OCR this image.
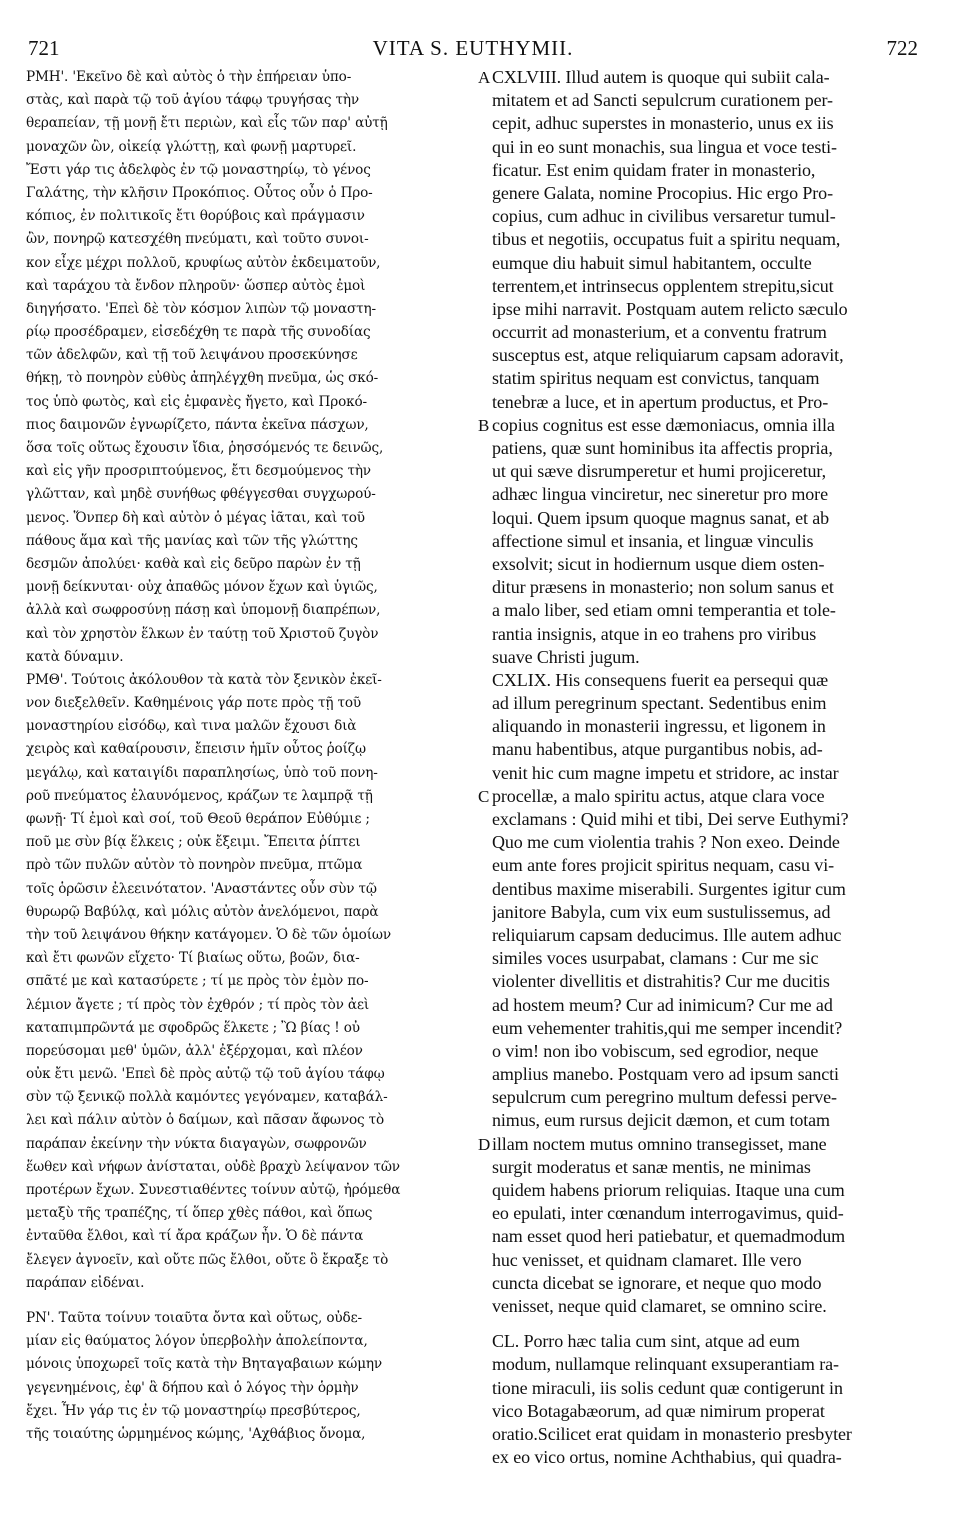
721	VITA S. EUTHYMII.	722
ΡΜΗ'. 'Εκεῖνο δὲ καὶ αὐτὸς ὁ τὴν ἐπήρειαν ὑπο-
στὰς, καὶ παρὰ τῷ τοῦ ἁγίου τάφῳ τρυγήσας τὴν
θεραπείαν, τῇ μονῇ ἔτι περιὼν, καὶ εἷς τῶν παρ' αὐτῇ
μοναχῶν ὢν, οἰκείᾳ γλώττῃ, καὶ φωνῇ μαρτυρεῖ.
Ἔστι γάρ τις ἀδελφὸς ἐν τῷ μοναστηρίῳ, τὸ γένος
Γαλάτης, τὴν κλῆσιν Προκόπιος. Οὗτος οὖν ὁ Προ-
κόπιος, ἐν πολιτικοῖς ἔτι θορύβοις καὶ πράγμασιν
ὢν, πονηρῷ κατεσχέθη πνεύματι, καὶ τοῦτο συνοι-
κον εἶχε μέχρι πολλοῦ, κρυφίως αὐτὸν ἐκδειματοῦν,
καὶ ταράχου τὰ ἔνδον πληροῦν· ὥσπερ αὐτὸς ἐμοὶ
διηγήσατο. 'Επεὶ δὲ τὸν κόσμον λιπὼν τῷ μοναστη-
ρίῳ προσέδραμεν, εἰσεδέχθη τε παρὰ τῆς συνοδίας
τῶν ἀδελφῶν, καὶ τῇ τοῦ λειψάνου προσεκύνησε
θήκῃ, τὸ πονηρὸν εὐθὺς ἀπηλέγχθη πνεῦμα, ὡς σκό-
τος ὑπὸ φωτὸς, καὶ εἰς ἐμφανὲς ἤγετο, καὶ Προκό-
πιος δαιμονῶν ἐγνωρίζετο, πάντα ἐκεῖνα πάσχων,
ὅσα τοῖς οὕτως ἔχουσιν ἴδια, ῥησσόμενός τε δεινῶς,
καὶ εἰς γῆν προσριπτούμενος, ἔτι δεσμούμενος τὴν
γλῶτταν, καὶ μηδὲ συνήθως φθέγγεσθαι συγχωρού-
μενος. Ὅνπερ δὴ καὶ αὐτὸν ὁ μέγας ἰᾶται, καὶ τοῦ
πάθους ἅμα καὶ τῆς μανίας καὶ τῶν τῆς γλώττης
δεσμῶν ἀπολύει· καθὰ καὶ εἰς δεῦρο παρὼν ἐν τῇ
μονῇ δείκνυται· οὐχ ἀπαθῶς μόνον ἔχων καὶ ὑγιῶς,
ἀλλὰ καὶ σωφροσύνῃ πάσῃ καὶ ὑπομονῇ διαπρέπων,
καὶ τὸν χρηστὸν ἕλκων ἐν ταύτῃ τοῦ Χριστοῦ ζυγὸν
κατὰ δύναμιν.
ΡΜΘ'. Τούτοις ἀκόλουθον τὰ κατὰ τὸν ξενικὸν ἐκεῖ-
νον διεξελθεῖν. Καθημένοις γάρ ποτε πρὸς τῇ τοῦ
μοναστηρίου εἰσόδῳ, καὶ τινα μαλῶν ἔχουσι διὰ
χειρὸς καὶ καθαίρουσιν, ἔπεισιν ἡμῖν οὗτος ῥοίζῳ
μεγάλῳ, καὶ καταιγίδι παραπλησίως, ὑπὸ τοῦ πονη-
ροῦ πνεύματος ἐλαυνόμενος, κράζων τε λαμπρᾷ τῇ
φωνῇ· Τί ἐμοὶ καὶ σοί, τοῦ Θεοῦ θεράπον Εὐθύμιε ;
ποῦ με σὺν βίᾳ ἕλκεις ; οὐκ ἔξειμι. Ἔπειτα ῥίπτει
πρὸ τῶν πυλῶν αὐτὸν τὸ πονηρὸν πνεῦμα, πτῶμα
τοῖς ὁρῶσιν ἐλεεινότατον. 'Αναστάντες οὖν σὺν τῷ
θυρωρῷ Βαβύλᾳ, καὶ μόλις αὐτὸν ἀνελόμενοι, παρὰ
τὴν τοῦ λειψάνου θήκην κατάγομεν. Ὁ δὲ τῶν ὁμοίων
καὶ ἔτι φωνῶν εἴχετο· Τί βιαίως οὕτω, βοῶν, δια-
σπᾶτέ με καὶ κατασύρετε ; τί με πρὸς τὸν ἐμὸν πο-
λέμιον ἄγετε ; τί πρὸς τὸν ἐχθρόν ; τί πρὸς τὸν ἀεὶ
καταπιμπρῶντά με σφοδρῶς ἕλκετε ; Ὢ βίας ! οὐ
πορεύσομαι μεθ' ὑμῶν, ἀλλ' ἐξέρχομαι, καὶ πλέον
οὐκ ἔτι μενῶ. 'Επεὶ δὲ πρὸς αὐτῷ τῷ τοῦ ἁγίου τάφῳ
σὺν τῷ ξενικῷ πολλὰ καμόντες γεγόναμεν, καταβάλ-
λει καὶ πάλιν αὐτὸν ὁ δαίμων, καὶ πᾶσαν ἄφωνος τὸ
παράπαν ἐκείνην τὴν νύκτα διαγαγὼν, σωφρονῶν
ἕωθεν καὶ νήφων ἀνίσταται, οὐδὲ βραχὺ λείψανον τῶν
προτέρων ἔχων. Συνεστιαθέντες τοίνυν αὐτῷ, ἠρόμεθα
μεταξὺ τῆς τραπέζης, τί ὅπερ χθὲς πάθοι, καὶ ὅπως
ἐνταῦθα ἔλθοι, καὶ τί ἄρα κράζων ἦν. Ὁ δὲ πάντα
ἔλεγεν ἀγνοεῖν, καὶ οὔτε πῶς ἔλθοι, οὔτε ὃ ἔκραξε τὸ
παράπαν εἰδέναι.
ΡΝ'. Ταῦτα τοίνυν τοιαῦτα ὄντα καὶ οὕτως, οὐδε-
μίαν εἰς θαύματος λόγον ὑπερβολὴν ἀπολείποντα,
μόνοις ὑποχωρεῖ τοῖς κατὰ τὴν Βηταγαβαιων κώμην
γεγενημένοις, ἐφ' ἃ δήπου καὶ ὁ λόγος τὴν ὁρμὴν
ἔχει. Ἦν γάρ τις ἐν τῷ μοναστηρίῳ πρεσβύτερος,
τῆς τοιαύτης ὡρμημένος κώμης, 'Αχθάβιος ὄνομα,
A
B
C
D
CXLVIII. Illud autem is quoque qui subiit cala-
mitatem et ad Sancti sepulcrum curationem per-
cepit, adhuc superstes in monasterio, unus ex iis
qui in eo sunt monachis, sua lingua et voce testi-
ficatur. Est enim quidam frater in monasterio,
genere Galata, nomine Procopius. Hic ergo Pro-
copius, cum adhuc in civilibus versaretur tumul-
tibus et negotiis, occupatus fuit a spiritu nequam,
eumque diu habuit simul habitantem, occulte
terrentem,et intrinsecus opplentem strepitu,sicut
ipse mihi narravit. Postquam autem relicto sæculo
occurrit ad monasterium, et a conventu fratrum
susceptus est, atque reliquiarum capsam adoravit,
statim spiritus nequam est convictus, tanquam
tenebræ a luce, et in apertum productus, et Pro-
copius cognitus est esse dæmoniacus, omnia illa
patiens, quæ sunt hominibus ita affectis propria,
ut qui sæve disrumperetur et humi projiceretur,
adhæc lingua vinciretur, nec sineretur pro more
loqui. Quem ipsum quoque magnus sanat, et ab
affectione simul et insania, et linguæ vinculis
exsolvit; sicut in hodiernum usque diem osten-
ditur præsens in monasterio; non solum sanus et
a malo liber, sed etiam omni temperantia et tole-
rantia insignis, atque in eo trahens pro viribus
suave Christi jugum.
CXLIX. His consequens fuerit ea persequi quæ
ad illum peregrinum spectant. Sedentibus enim
aliquando in monasterii ingressu, et ligonem in
manu habentibus, atque purgantibus nobis, ad-
venit hic cum magne impetu et stridore, ac instar
procellæ, a malo spiritu actus, atque clara voce
exclamans : Quid mihi et tibi, Dei serve Euthymi?
Quo me cum violentia trahis ? Non exeo. Deinde
eum ante fores projicit spiritus nequam, casu vi-
dentibus maxime miserabili. Surgentes igitur cum
janitore Babyla, cum vix eum sustulissemus, ad
reliquiarum capsam deducimus. Ille autem adhuc
similes voces usurpabat, clamans : Cur me sic
violenter divellitis et distrahitis? Cur me ducitis
ad hostem meum? Cur ad inimicum? Cur me ad
eum vehementer trahitis,qui me semper incendit?
o vim! non ibo vobiscum, sed egrodior, neque
amplius manebo. Postquam vero ad ipsum sancti
sepulcrum cum peregrino multum defessi perve-
nimus, eum rursus dejicit dæmon, et cum totam
illam noctem mutus omnino transegisset, mane
surgit moderatus et sanæ mentis, ne minimas
quidem habens priorum reliquias. Itaque una cum
eo epulati, inter cœnandum interrogavimus, quid-
nam esset quod heri patiebatur, et quemadmodum
huc venisset, et quidnam clamaret. Ille vero
cuncta dicebat se ignorare, et neque quo modo
venisset, neque quid clamaret, se omnino scire.
CL. Porro hæc talia cum sint, atque ad eum
modum, nullamque relinquant exsuperantiam ra-
tione miraculi, iis solis cedunt quæ contigerunt in
vico Botagabæorum, ad quæ nimirum properat
oratio.Scilicet erat quidam in monasterio presbyter
ex eo vico ortus, nomine Achthabius, qui quadra-
